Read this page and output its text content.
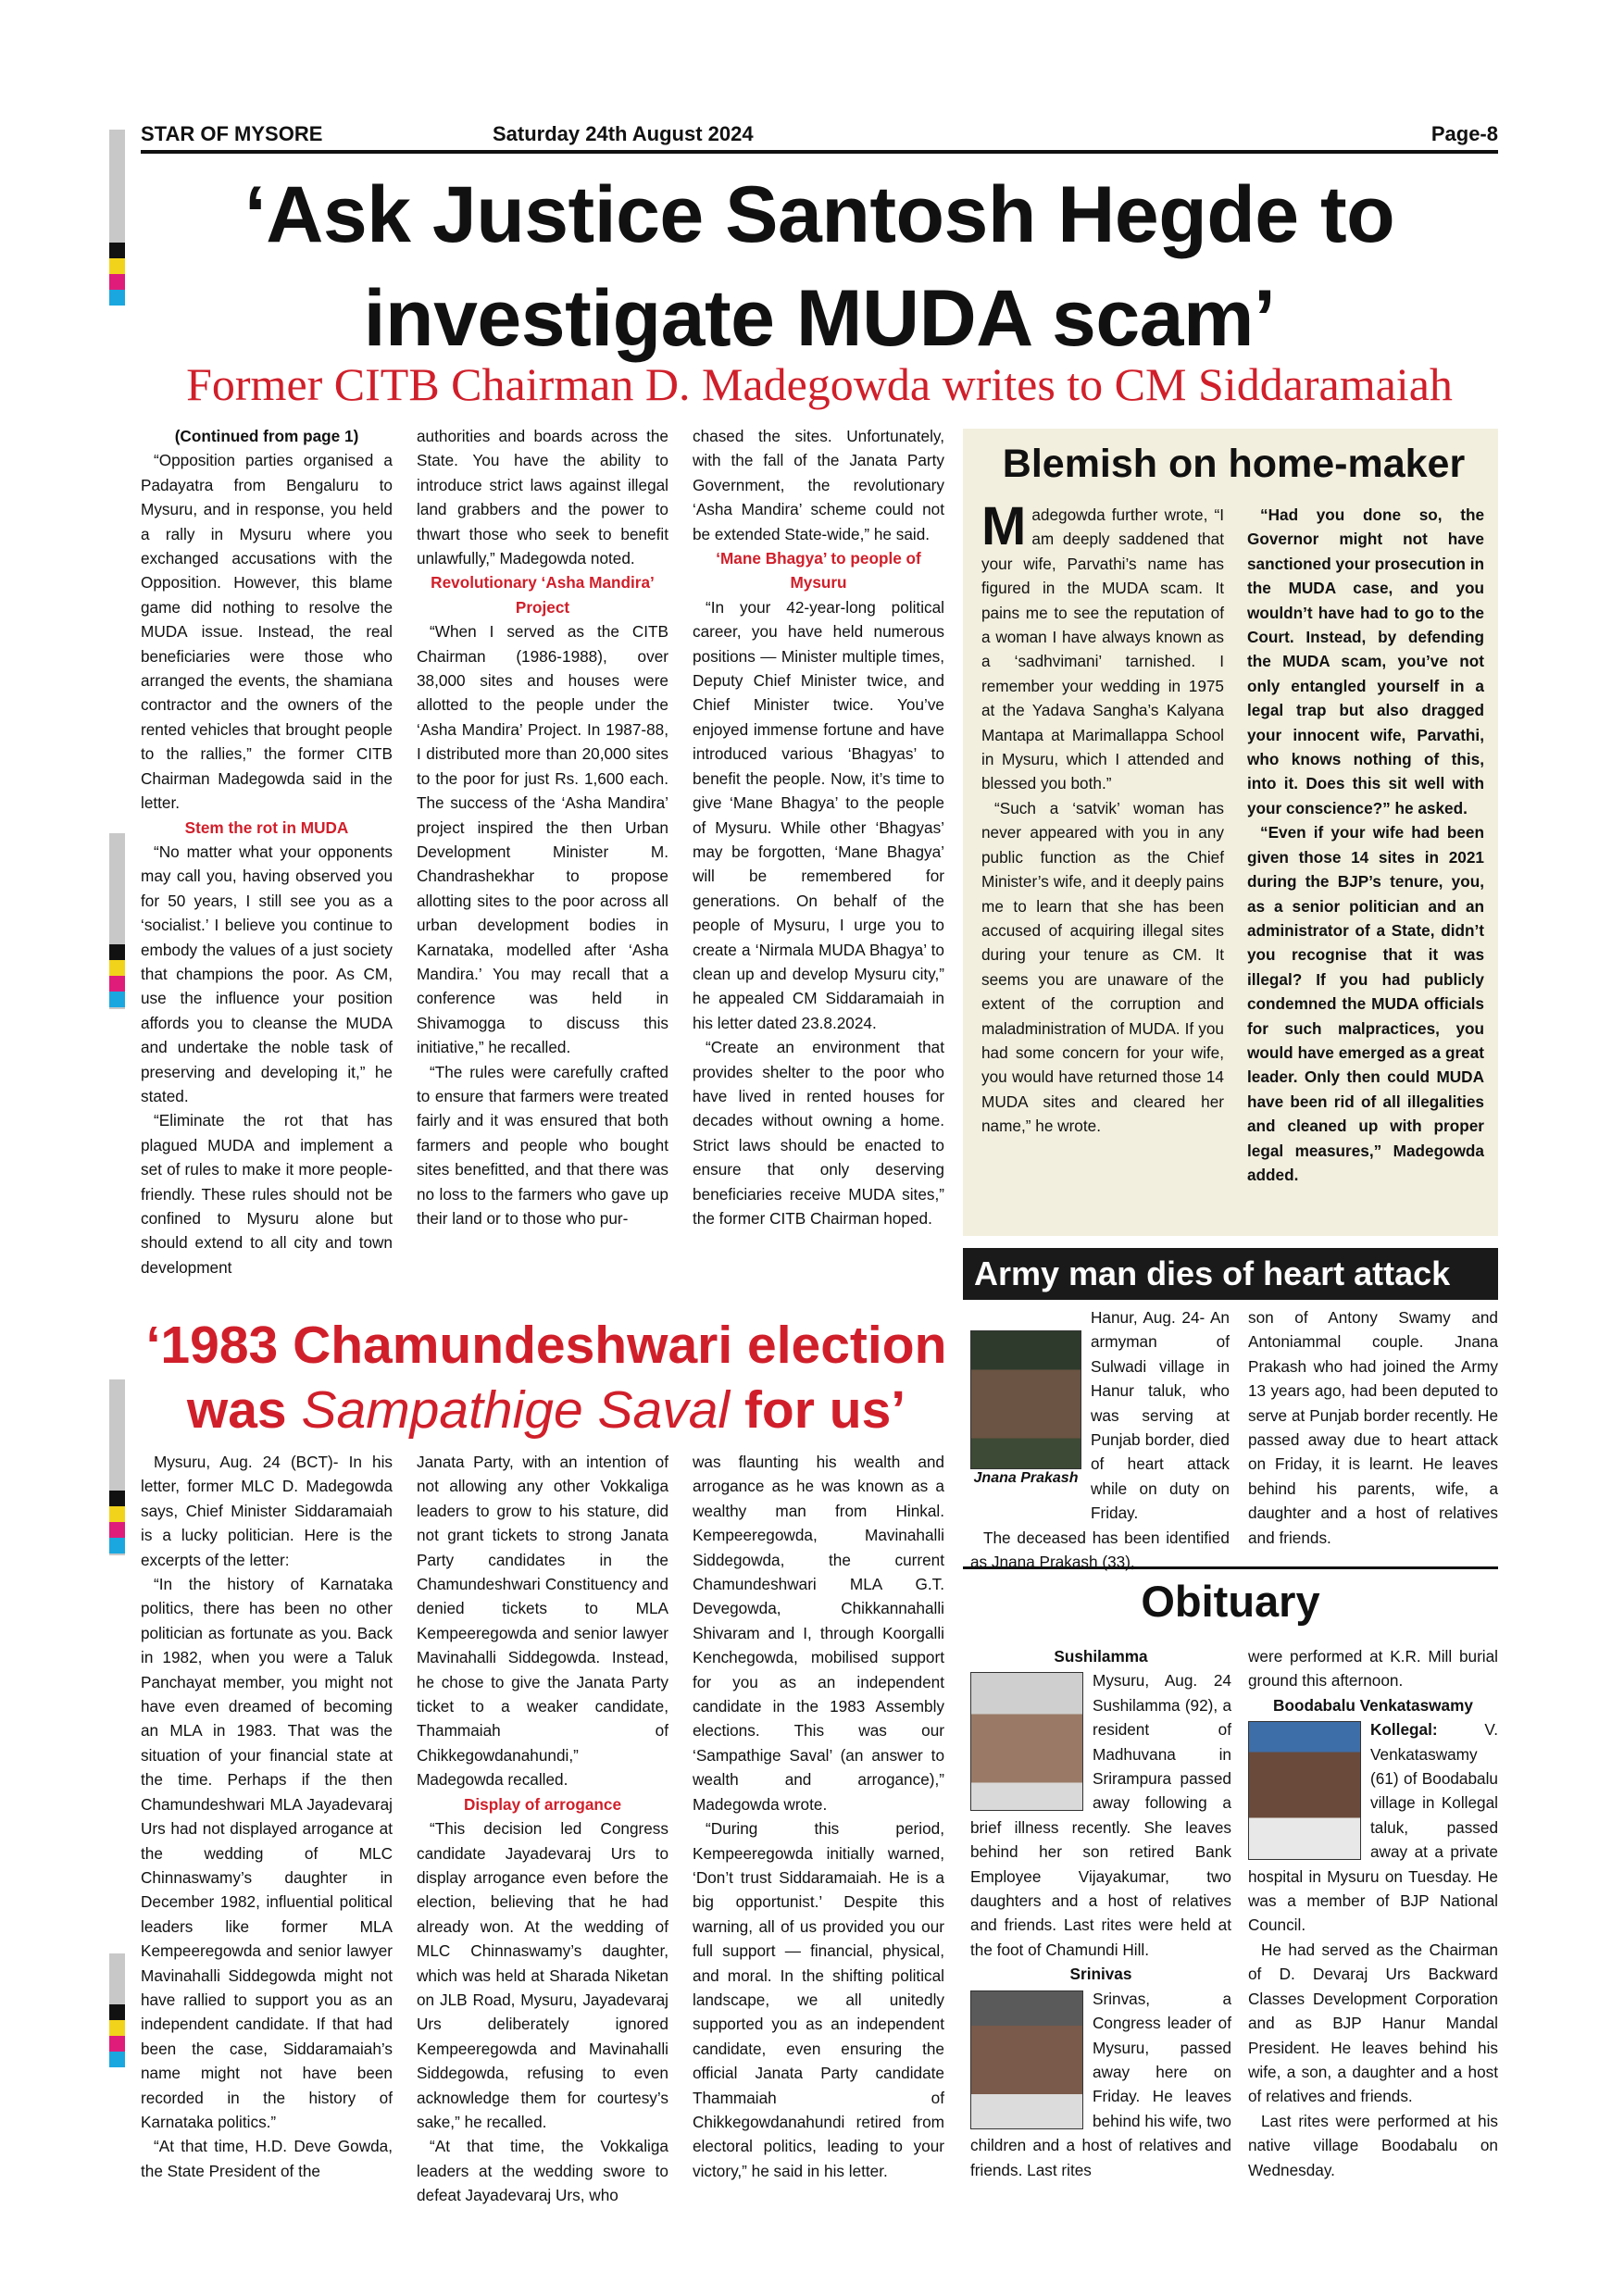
STAR OF MYSORE	Saturday 24th August 2024	Page-8
‘Ask Justice Santosh Hegde to
investigate MUDA scam’
Former CITB Chairman D. Madegowda writes to CM Siddaramaiah
(Continued from page 1)
“Opposition parties organised a Padayatra from Bengaluru to Mysuru, and in response, you held a rally in Mysuru where you exchanged accusations with the Opposition. However, this blame game did nothing to resolve the MUDA issue. Instead, the real beneficiaries were those who arranged the events, the shamiana contractor and the owners of the rented vehicles that brought people to the rallies,” the former CITB Chairman Madegowda said in the letter.
Stem the rot in MUDA
“No matter what your opponents may call you, having observed you for 50 years, I still see you as a ‘socialist.’ I believe you continue to embody the values of a just society that champions the poor. As CM, use the influence your position affords you to cleanse the MUDA and undertake the noble task of preserving and developing it,” he stated.
“Eliminate the rot that has plagued MUDA and implement a set of rules to make it more people-friendly. These rules should not be confined to Mysuru alone but should extend to all city and town development
authorities and boards across the State. You have the ability to introduce strict laws against illegal land grabbers and the power to thwart those who seek to benefit unlawfully,” Madegowda noted.
Revolutionary ‘Asha Mandira’ Project
“When I served as the CITB Chairman (1986-1988), over 38,000 sites and houses were allotted to the people under the ‘Asha Mandira’ Project. In 1987-88, I distributed more than 20,000 sites to the poor for just Rs. 1,600 each. The success of the ‘Asha Mandira’ project inspired the then Urban Development Minister M. Chandrashekhar to propose allotting sites to the poor across all urban development bodies in Karnataka, modelled after ‘Asha Mandira.’ You may recall that a conference was held in Shivamogga to discuss this initiative,” he recalled.
“The rules were carefully crafted to ensure that farmers were treated fairly and it was ensured that both farmers and people who bought sites benefitted, and that there was no loss to the farmers who gave up their land or to those who pur-
chased the sites. Unfortunately, with the fall of the Janata Party Government, the revolutionary ‘Asha Mandira’ scheme could not be extended State-wide,” he said.
‘Mane Bhagya’ to people of Mysuru
“In your 42-year-long political career, you have held numerous positions — Minister multiple times, Deputy Chief Minister twice, and Chief Minister twice. You’ve enjoyed immense fortune and have introduced various ‘Bhagyas’ to benefit the people. Now, it’s time to give ‘Mane Bhagya’ to the people of Mysuru. While other ‘Bhagyas’ may be forgotten, ‘Mane Bhagya’ will be remembered for generations. On behalf of the people of Mysuru, I urge you to create a ‘Nirmala MUDA Bhagya’ to clean up and develop Mysuru city,” he appealed CM Siddaramaiah in his letter dated 23.8.2024.
“Create an environment that provides shelter to the poor who have lived in rented houses for decades without owning a home. Strict laws should be enacted to ensure that only deserving beneficiaries receive MUDA sites,” the former CITB Chairman hoped.
Blemish on home-maker
M adegowda further wrote, “I am deeply saddened that your wife, Parvathi’s name has figured in the MUDA scam. It pains me to see the reputation of a woman I have always known as a ‘sadhvimani’ tarnished. I remember your wedding in 1975 at the Yadava Sangha’s Kalyana Mantapa at Marimallappa School in Mysuru, which I attended and blessed you both.”
“Such a ‘satvik’ woman has never appeared with you in any public function as the Chief Minister’s wife, and it deeply pains me to learn that she has been accused of acquiring illegal sites during your tenure as CM. It seems you are unaware of the extent of the corruption and maladministration of MUDA. If you had some concern for your wife, you would have returned those 14 MUDA sites and cleared her name,” he wrote.
“Had you done so, the Governor might not have sanctioned your prosecution in the MUDA case, and you wouldn’t have had to go to the Court. Instead, by defending the MUDA scam, you’ve not only entangled yourself in a legal trap but also dragged your innocent wife, Parvathi, who knows nothing of this, into it. Does this sit well with your conscience?” he asked.
“Even if your wife had been given those 14 sites in 2021 during the BJP’s tenure, you, as a senior politician and an administrator of a State, didn’t you recognise that it was illegal? If you had publicly condemned the MUDA officials for such malpractices, you would have emerged as a great leader. Only then could MUDA have been rid of all illegalities and cleaned up with proper legal measures,” Madegowda added.
Army man dies of heart attack
Jnana Prakash
Hanur, Aug. 24- An armyman of Sulwadi village in Hanur taluk, who was serving at Punjab border, died of heart attack while on duty on Friday.
The deceased has been identified as Jnana Prakash (33),
son of Antony Swamy and Antoniammal couple. Jnana Prakash who had joined the Army 13 years ago, had been deputed to serve at Punjab border recently. He passed away due to heart attack on Friday, it is learnt. He leaves behind his parents, wife, a daughter and a host of relatives and friends.
‘1983 Chamundeshwari election
was Sampathige Saval for us’
Mysuru, Aug. 24 (BCT)- In his letter, former MLC D. Madegowda says, Chief Minister Siddaramaiah is a lucky politician. Here is the excerpts of the letter:
“In the history of Karnataka politics, there has been no other politician as fortunate as you. Back in 1982, when you were a Taluk Panchayat member, you might not have even dreamed of becoming an MLA in 1983. That was the situation of your financial state at the time. Perhaps if the then Chamundeshwari MLA Jayadevaraj Urs had not displayed arrogance at the wedding of MLC Chinnaswamy’s daughter in December 1982, influential political leaders like former MLA Kempeeregowda and senior lawyer Mavinahalli Siddegowda might not have rallied to support you as an independent candidate. If that had been the case, Siddaramaiah’s name might not have been recorded in the history of Karnataka politics.”
“At that time, H.D. Deve Gowda, the State President of the
Janata Party, with an intention of not allowing any other Vokkaliga leaders to grow to his stature, did not grant tickets to strong Janata Party candidates in the Chamundeshwari Constituency and denied tickets to MLA Kempeeregowda and senior lawyer Mavinahalli Siddegowda. Instead, he chose to give the Janata Party ticket to a weaker candidate, Thammaiah of Chikkegowdanahundi,” Madegowda recalled.
Display of arrogance
“This decision led Congress candidate Jayadevaraj Urs to display arrogance even before the election, believing that he had already won. At the wedding of MLC Chinnaswamy’s daughter, which was held at Sharada Niketan on JLB Road, Mysuru, Jayadevaraj Urs deliberately ignored Kempeeregowda and Mavinahalli Siddegowda, refusing to even acknowledge them for courtesy’s sake,” he recalled.
“At that time, the Vokkaliga leaders at the wedding swore to defeat Jayadevaraj Urs, who
was flaunting his wealth and arrogance as he was known as a wealthy man from Hinkal. Kempeeregowda, Mavinahalli Siddegowda, the current Chamundeshwari MLA G.T. Devegowda, Chikkannahalli Shivaram and I, through Koorgalli Kenchegowda, mobilised support for you as an independent candidate in the 1983 Assembly elections. This was our ‘Sampathige Saval’ (an answer to wealth and arrogance),” Madegowda wrote.
“During this period, Kempeeregowda initially warned, ‘Don’t trust Siddaramaiah. He is a big opportunist.’ Despite this warning, all of us provided you our full support — financial, physical, and moral. In the shifting political landscape, we all unitedly supported you as an independent candidate, even ensuring the official Janata Party candidate Thammaiah of Chikkegowdanahundi retired from electoral politics, leading to your victory,” he said in his letter.
Obituary
Sushilamma
Mysuru, Aug. 24 Sushilamma (92), a resident of Madhuvana in Srirampura passed away following a brief illness recently. She leaves behind her son retired Bank Employee Vijayakumar, two daughters and a host of relatives and friends. Last rites were held at the foot of Chamundi Hill.
Srinivas
Srinvas, a Congress leader of Mysuru, passed away here on Friday. He leaves behind his wife, two children and a host of relatives and friends. Last rites
were performed at K.R. Mill burial ground this afternoon.
Boodabalu Venkataswamy
Kollegal:	V. Venkataswamy (61) of Boodabalu village in Kollegal taluk, passed away at a private hospital in Mysuru on Tuesday. He was a member of BJP National Council.
He had served as the Chairman of D. Devaraj Urs Backward Classes Development Corporation and as BJP Hanur Mandal President. He leaves behind his wife, a son, a daughter and a host of relatives and friends.
Last rites were performed at his native village Boodabalu on Wednesday.
